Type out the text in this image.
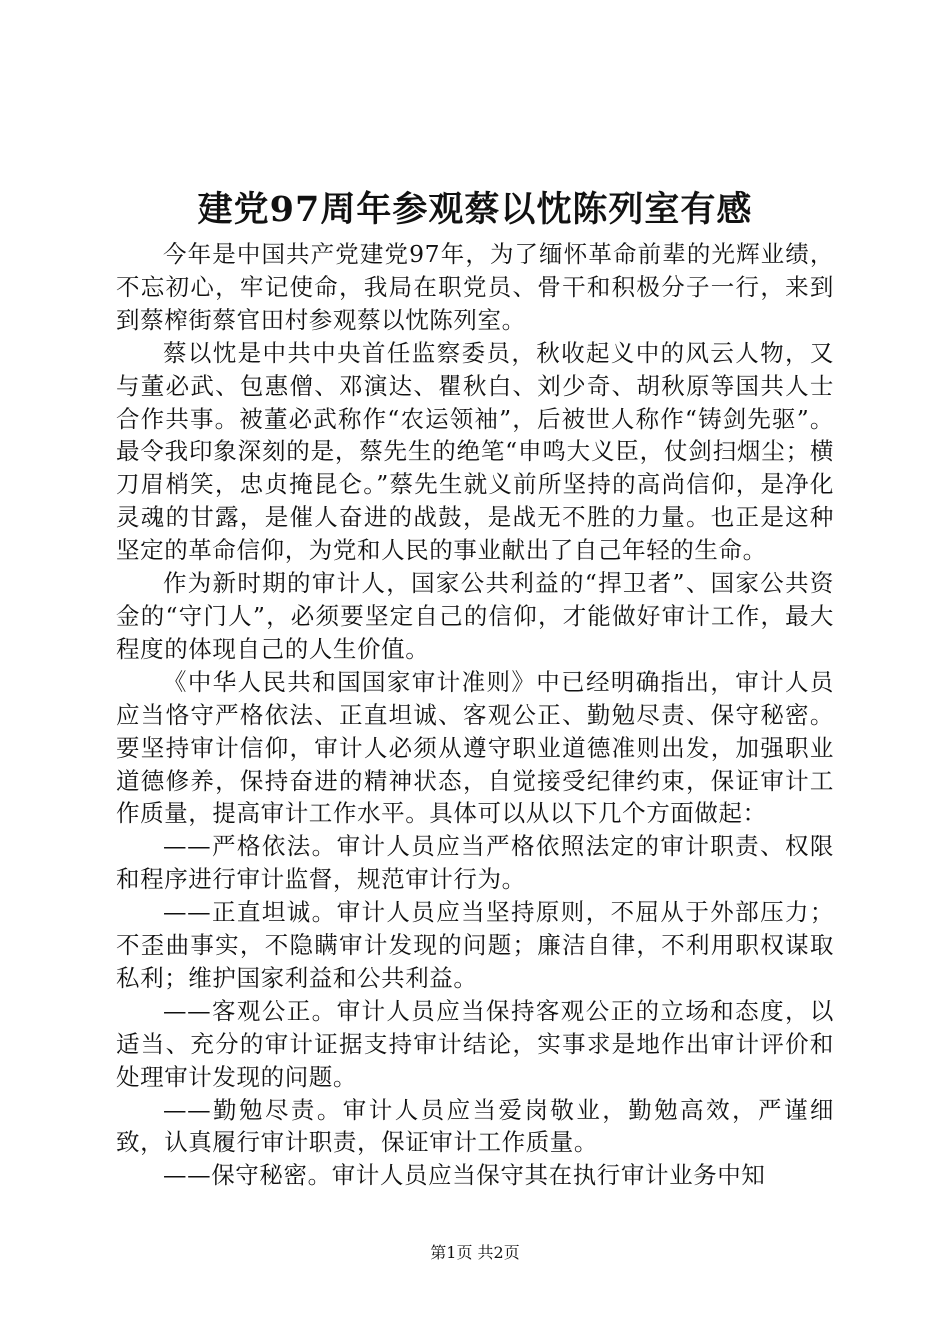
建党97周年参观蔡以忱陈列室有感

今年是中国共产党建党97年，为了缅怀革命前辈的光辉业绩，不忘初心，牢记使命，我局在职党员、骨干和积极分子一行，来到到蔡榨街蔡官田村参观蔡以忱陈列室。

蔡以忱是中共中央首任监察委员，秋收起义中的风云人物，又与董必武、包惠僧、邓演达、瞿秋白、刘少奇、胡秋原等国共人士合作共事。被董必武称作“农运领袖”，后被世人称作“铸剑先驱”。最令我印象深刻的是，蔡先生的绝笔“申鸣大义臣，仗剑扫烟尘；横刀眉梢笑，忠贞掩昆仑。”蔡先生就义前所坚持的高尚信仰，是净化灵魂的甘露，是催人奋进的战鼓，是战无不胜的力量。也正是这种坚定的革命信仰，为党和人民的事业献出了自己年轻的生命。

作为新时期的审计人，国家公共利益的“捍卫者”、国家公共资金的“守门人”，必须要坚定自己的信仰，才能做好审计工作，最大程度的体现自己的人生价值。

《中华人民共和国国家审计准则》中已经明确指出，审计人员应当恪守严格依法、正直坦诚、客观公正、勤勉尽责、保守秘密。要坚持审计信仰，审计人必须从遵守职业道德准则出发，加强职业道德修养，保持奋进的精神状态，自觉接受纪律约束，保证审计工作质量，提高审计工作水平。具体可以从以下几个方面做起：

——严格依法。审计人员应当严格依照法定的审计职责、权限和程序进行审计监督，规范审计行为。

——正直坦诚。审计人员应当坚持原则，不屈从于外部压力；不歪曲事实，不隐瞒审计发现的问题；廉洁自律，不利用职权谋取私利；维护国家利益和公共利益。

——客观公正。审计人员应当保持客观公正的立场和态度，以适当、充分的审计证据支持审计结论，实事求是地作出审计评价和处理审计发现的问题。

——勤勉尽责。审计人员应当爱岗敬业，勤勉高效，严谨细致，认真履行审计职责，保证审计工作质量。

——保守秘密。审计人员应当保守其在执行审计业务中知

第1页 共2页
